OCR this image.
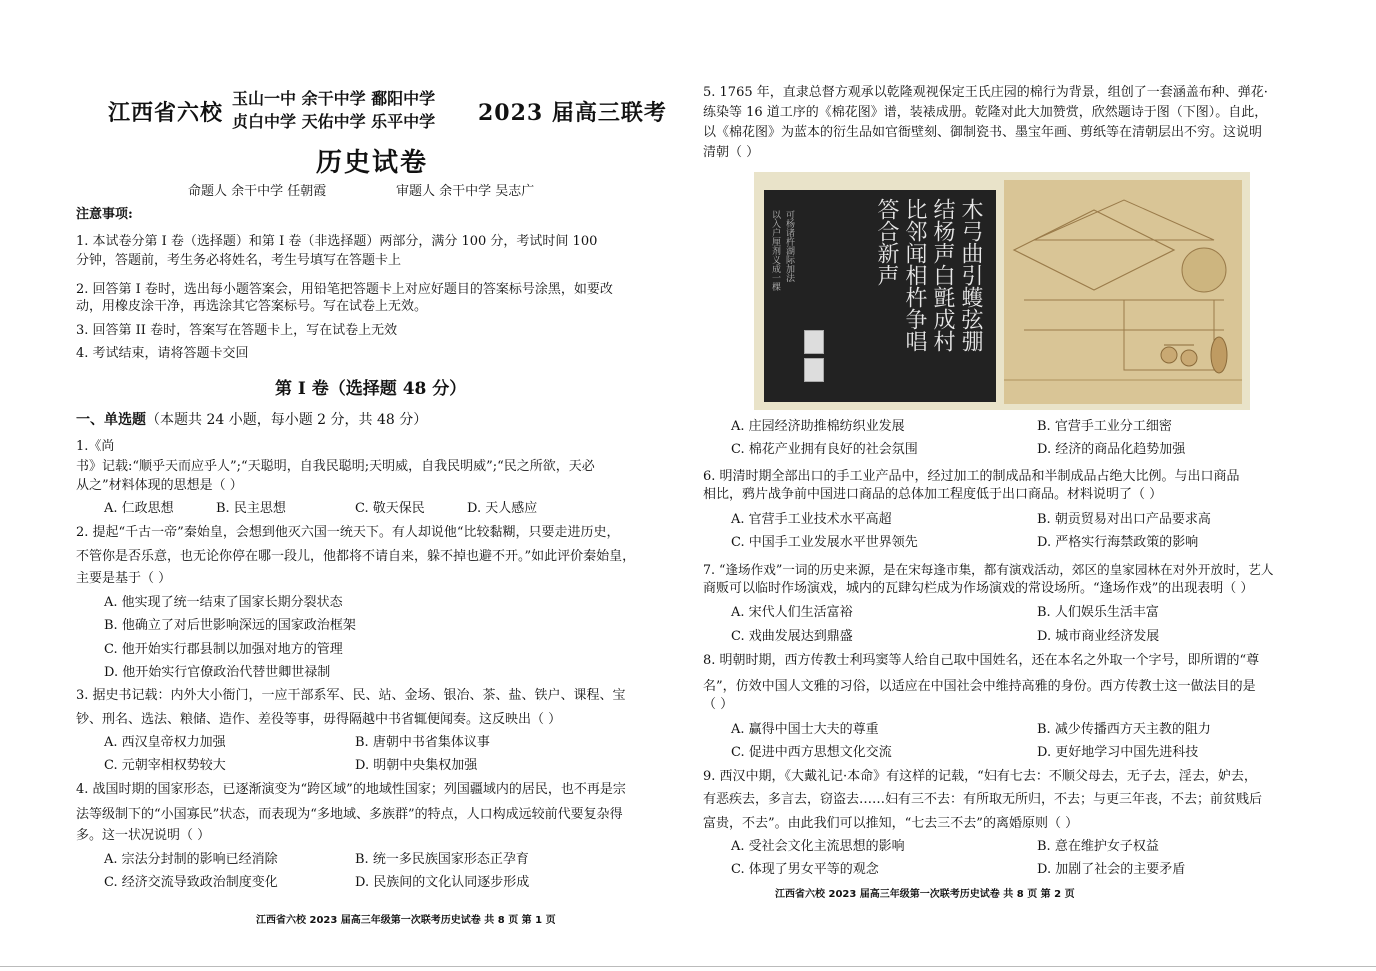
江西省六校
玉山一中 余干中学 鄱阳中学
贞白中学 天佑中学 乐平中学 2023 届高三联考
历史试卷
命题人 余干中学 任朝霞	审题人 余干中学 吴志广
注意事项:
1. 本试卷分第 I 卷（选择题）和第 I 卷（非选择题）两部分，满分 100 分，考试时间 100
分钟，答题前，考生务必将姓名，考生号填写在答题卡上
2. 回答第 I 卷时，选出每小题答案会，用铅笔把答题卡上对应好题目的答案标号涂黑，如要改
动，用橡皮涂干净，再选涂其它答案标号。写在试卷上无效。
3. 回答第 II 卷时，答案写在答题卡上，写在试卷上无效
4. 考试结束，请将答题卡交回
第 I 卷（选择题 48 分）
一、单选题（本题共 24 小题，每小题 2 分，共 48 分）
1.《尚
书》记载:“顺乎天而应乎人”;“天聪明，自我民聪明;天明威，自我民明威”;“民之所欲，天必
从之”材料体现的思想是（ ）
A. 仁政思想	B. 民主思想	C. 敬天保民	D. 天人感应
2. 提起“千古一帝”秦始皇，会想到他灭六国一统天下。有人却说他“比较黏糊，只要走进历史，
不管你是否乐意，也无论你停在哪一段儿，他都将不请自来，躲不掉也避不开。”如此评价秦始皇，
主要是基于（ ）
A. 他实现了统一结束了国家长期分裂状态
B. 他确立了对后世影响深远的国家政治框架
C. 他开始实行郡县制以加强对地方的管理
D. 他开始实行官僚政治代替世卿世禄制
3. 据史书记载：内外大小衙门，一应干部系军、民、站、金场、银冶、茶、盐、铁户、课程、宝
钞、刑名、选法、粮储、造作、差役等事，毋得隔越中书省辄便闻奏。这反映出（ ）
A. 西汉皇帝权力加强	B. 唐朝中书省集体议事
C. 元朝宰相权势较大	D. 明朝中央集权加强
4. 战国时期的国家形态，已逐渐演变为“跨区域”的地域性国家；列国疆域内的居民，也不再是宗
法等级制下的“小国寡民”状态，而表现为“多地域、多族群”的特点，人口构成远较前代要复杂得
多。这一状况说明（ ）
A. 宗法分封制的影响已经消除	B. 统一多民族国家形态正孕育
C. 经济交流导致政治制度变化	D. 民族间的文化认同逐步形成
江西省六校 2023 届高三年级第一次联考历史试卷 共 8 页 第 1 页
5. 1765 年，直隶总督方观承以乾隆观视保定王氏庄园的棉行为背景，组创了一套涵盖布种、弹花·
练染等 16 道工序的《棉花图》谱，装裱成册。乾隆对此大加赞赏，欣然题诗于图（下图）。自此，
以《棉花图》为蓝本的衍生品如官衙壁刻、御制瓷书、墨宝年画、剪纸等在清朝层出不穷。这说明
清朝（ ）
以入户厘剂义成一棵 可杨诸杵湖际加法	木弓曲引蠖弦弸
结杨声白氈成村
比邻闻相杵争唱
答合新声
A. 庄园经济助推棉纺织业发展	B. 官营手工业分工细密
C. 棉花产业拥有良好的社会氛围	D. 经济的商品化趋势加强
6. 明清时期全部出口的手工业产品中，经过加工的制成品和半制成品占绝大比例。与出口商品
相比，鸦片战争前中国进口商品的总体加工程度低于出口商品。材料说明了（ ）
A. 官营手工业技术水平高超	B. 朝贡贸易对出口产品要求高
C. 中国手工业发展水平世界领先	D. 严格实行海禁政策的影响
7. “逢场作戏”一词的历史来源，是在宋每逢市集，都有演戏活动，郊区的皇家园林在对外开放时，艺人
商贩可以临时作场演戏，城内的瓦肆勾栏成为作场演戏的常设场所。“逢场作戏”的出现表明（ ）
A. 宋代人们生活富裕	B. 人们娱乐生活丰富
C. 戏曲发展达到鼎盛	D. 城市商业经济发展
8. 明朝时期，西方传教士利玛窦等人给自己取中国姓名，还在本名之外取一个字号，即所谓的“尊
名”，仿效中国人文雅的习俗，以适应在中国社会中维持高雅的身份。西方传教士这一做法目的是
（ ）
A. 赢得中国士大夫的尊重	B. 减少传播西方天主教的阻力
C. 促进中西方思想文化交流	D. 更好地学习中国先进科技
9. 西汉中期，《大戴礼记·本命》有这样的记载，“妇有七去：不顺父母去，无子去，淫去，妒去，
有恶疾去，多言去，窃盗去……妇有三不去：有所取无所归，不去；与更三年丧，不去；前贫贱后
富贵，不去”。由此我们可以推知，“七去三不去”的离婚原则（ ）
A. 受社会文化主流思想的影响	B. 意在维护女子权益
C. 体现了男女平等的观念	D. 加剧了社会的主要矛盾
江西省六校 2023 届高三年级第一次联考历史试卷 共 8 页 第 2 页
